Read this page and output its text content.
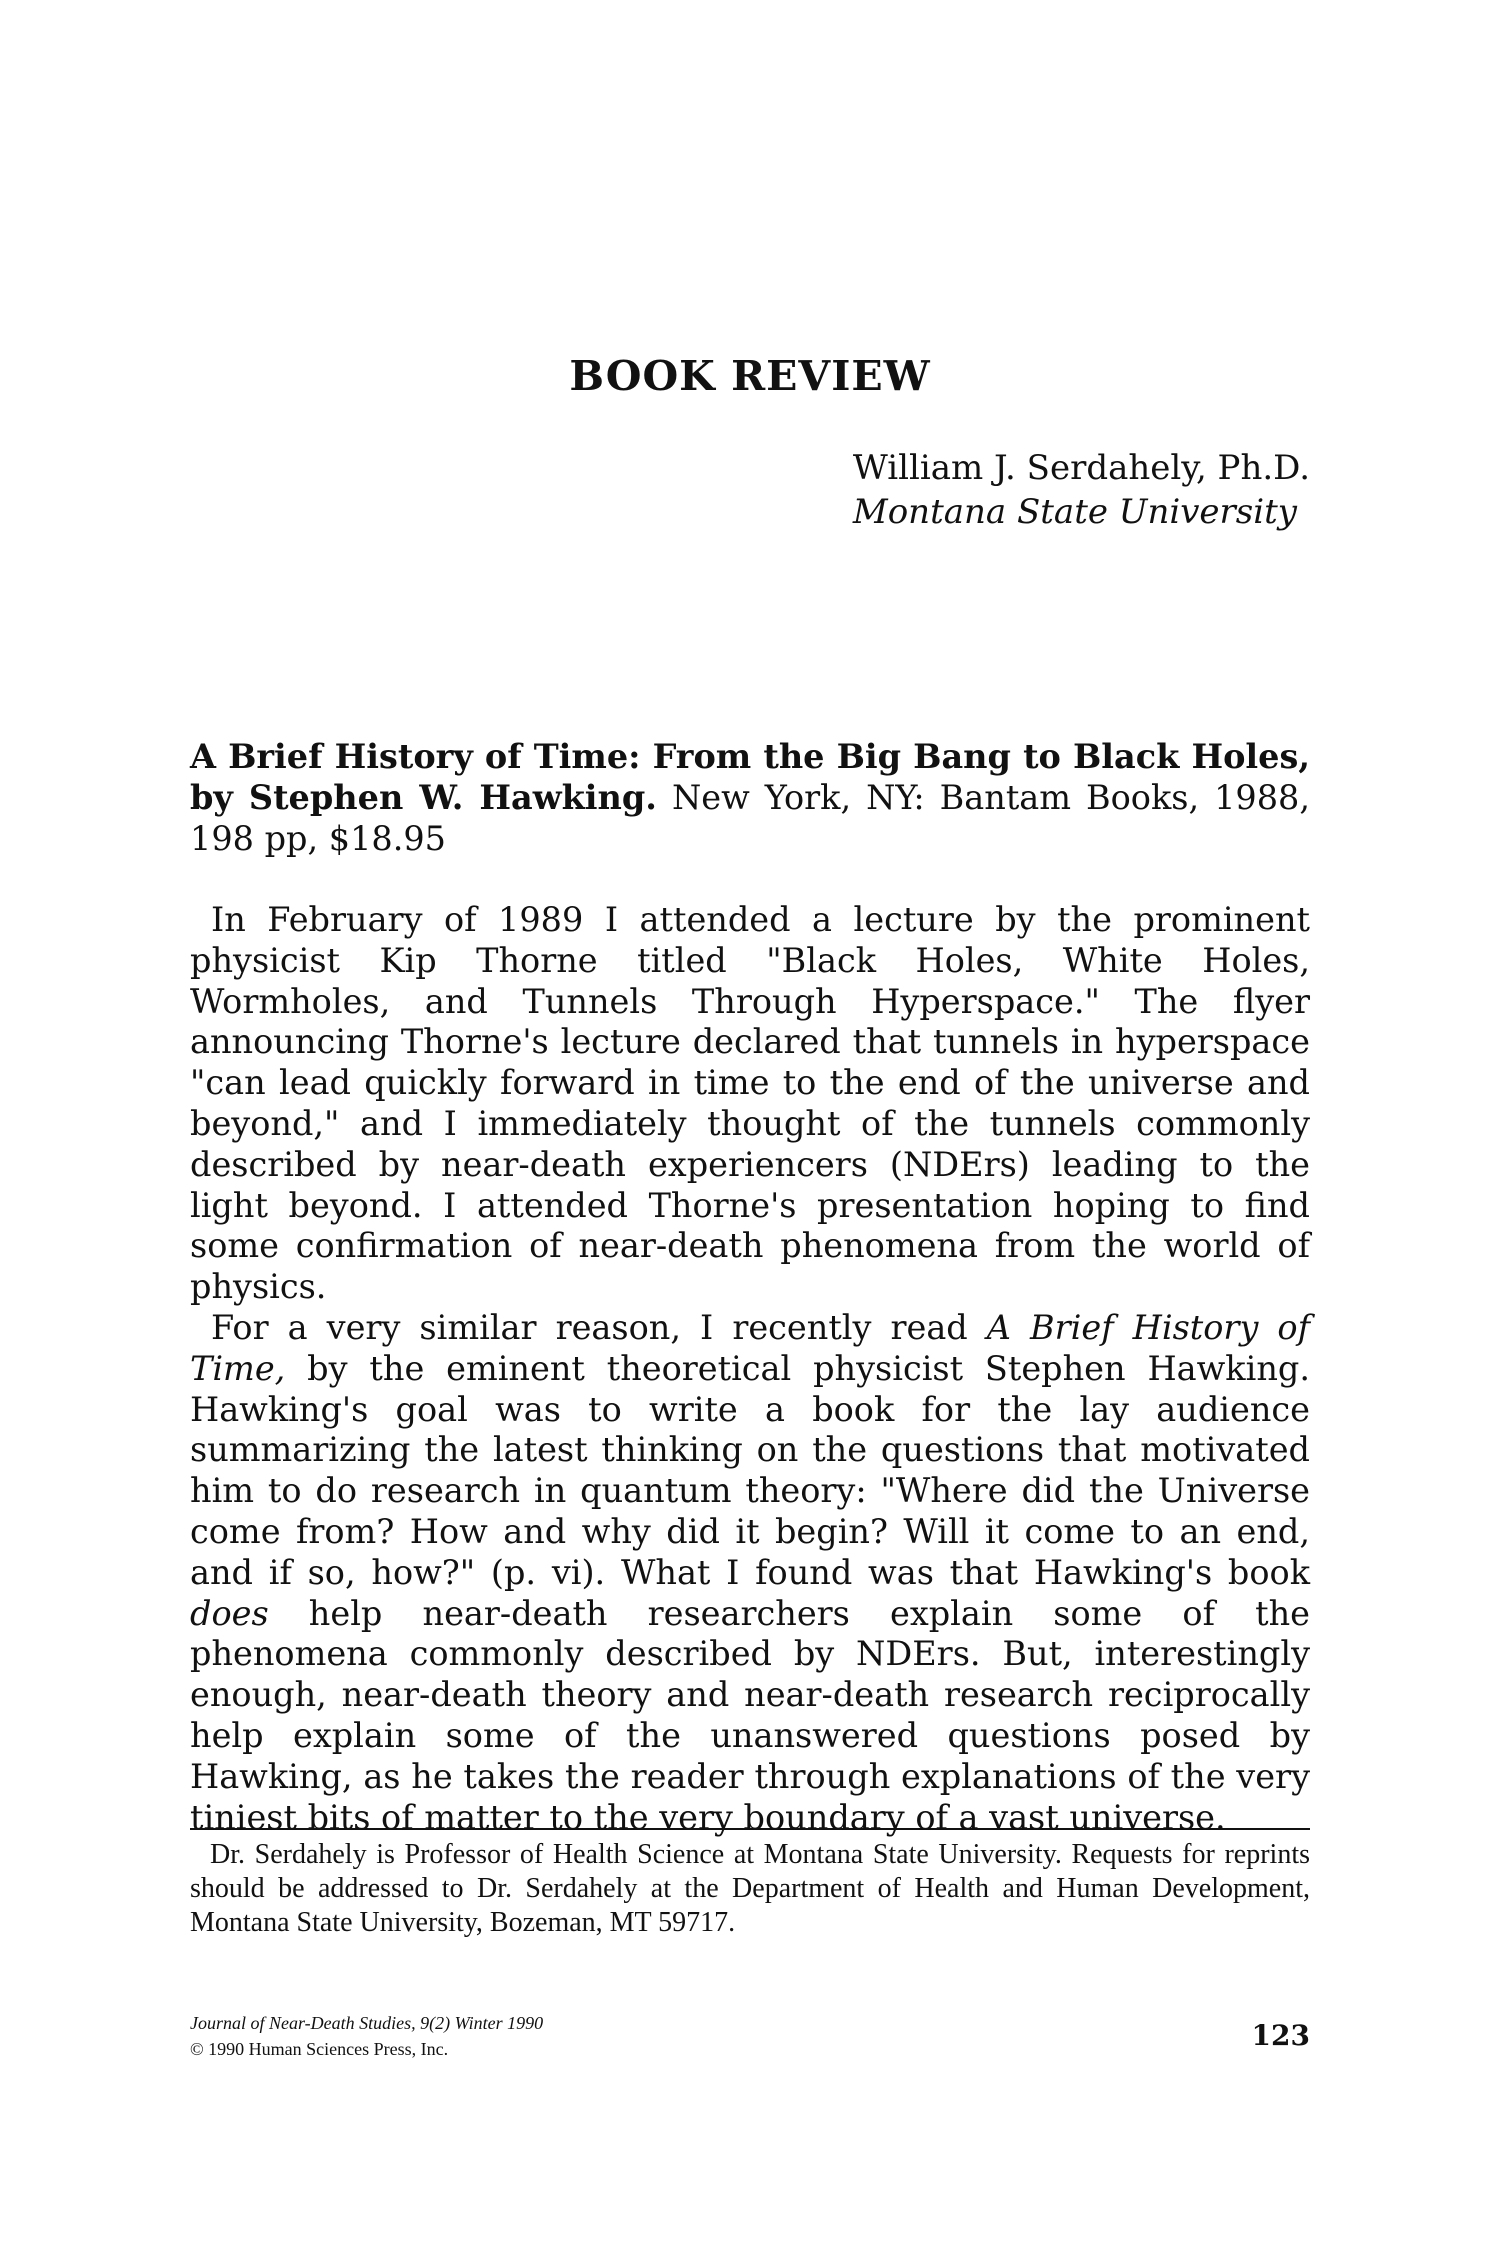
BOOK REVIEW
William J. Serdahely, Ph.D.
Montana State University
A Brief History of Time: From the Big Bang to Black Holes, by Stephen W. Hawking. New York, NY: Bantam Books, 1988, 198 pp, $18.95

In February of 1989 I attended a lecture by the prominent physicist Kip Thorne titled "Black Holes, White Holes, Wormholes, and Tunnels Through Hyperspace." The flyer announcing Thorne's lecture declared that tunnels in hyperspace "can lead quickly forward in time to the end of the universe and beyond," and I immediately thought of the tunnels commonly described by near-death experiencers (NDErs) leading to the light beyond. I attended Thorne's presentation hoping to find some confirmation of near-death phenomena from the world of physics.

For a very similar reason, I recently read A Brief History of Time, by the eminent theoretical physicist Stephen Hawking. Hawking's goal was to write a book for the lay audience summarizing the latest thinking on the questions that motivated him to do research in quantum theory: "Where did the Universe come from? How and why did it begin? Will it come to an end, and if so, how?" (p. vi). What I found was that Hawking's book does help near-death researchers explain some of the phenomena commonly described by NDErs. But, interestingly enough, near-death theory and near-death research reciprocally help explain some of the unanswered questions posed by Hawking, as he takes the reader through explanations of the very tiniest bits of matter to the very boundary of a vast universe.

Dr. Serdahely is Professor of Health Science at Montana State University. Requests for reprints should be addressed to Dr. Serdahely at the Department of Health and Human Development, Montana State University, Bozeman, MT 59717.
Journal of Near-Death Studies, 9(2) Winter 1990
© 1990 Human Sciences Press, Inc.	123
